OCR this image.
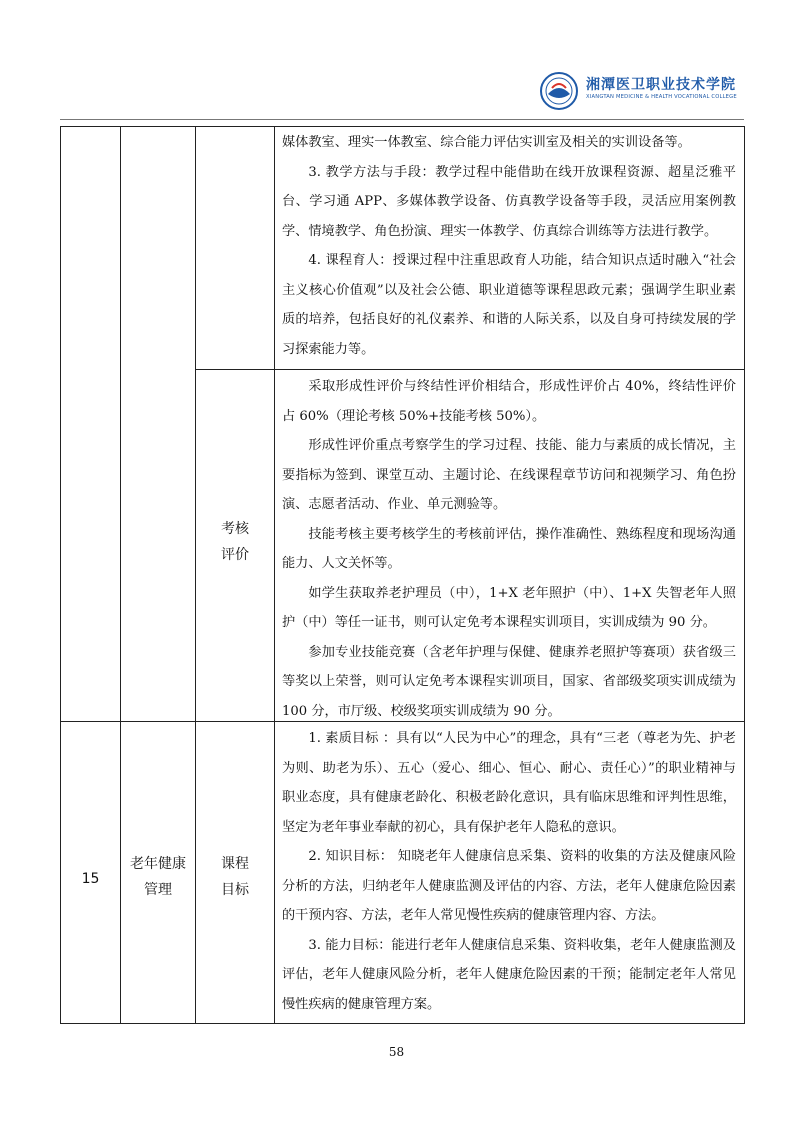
湘潭医卫职业技术学院
XIANGTAN MEDICINE & HEALTH VOCATIONAL COLLEGE

媒体教室、理实一体教室、综合能力评估实训室及相关的实训设备等。

3. 教学方法与手段：教学过程中能借助在线开放课程资源、超星泛雅平台、学习通 APP、多媒体教学设备、仿真教学设备等手段，灵活应用案例教学、情境教学、角色扮演、理实一体教学、仿真综合训练等方法进行教学。

4. 课程育人：授课过程中注重思政育人功能，结合知识点适时融入“社会主义核心价值观”以及社会公德、职业道德等课程思政元素；强调学生职业素质的培养，包括良好的礼仪素养、和谐的人际关系，以及自身可持续发展的学习探索能力等。

考核
评价

采取形成性评价与终结性评价相结合，形成性评价占 40%，终结性评价占 60%（理论考核 50%+技能考核 50%）。

形成性评价重点考察学生的学习过程、技能、能力与素质的成长情况，主要指标为签到、课堂互动、主题讨论、在线课程章节访问和视频学习、角色扮演、志愿者活动、作业、单元测验等。

技能考核主要考核学生的考核前评估，操作准确性、熟练程度和现场沟通能力、人文关怀等。

如学生获取养老护理员（中），1+X 老年照护（中）、1+X 失智老年人照护（中）等任一证书，则可认定免考本课程实训项目，实训成绩为 90 分。

参加专业技能竞赛（含老年护理与保健、健康养老照护等赛项）获省级三等奖以上荣誉，则可认定免考本课程实训项目，国家、省部级奖项实训成绩为 100 分，市厅级、校级奖项实训成绩为 90 分。

15
老年健康
管理
课程
目标

1. 素质目标 ：具有以“人民为中心”的理念，具有“三老（尊老为先、护老为则、助老为乐）、五心（爱心、细心、恒心、耐心、责任心）”的职业精神与职业态度，具有健康老龄化、积极老龄化意识，具有临床思维和评判性思维，坚定为老年事业奉献的初心，具有保护老年人隐私的意识。

2. 知识目标： 知晓老年人健康信息采集、资料的收集的方法及健康风险分析的方法，归纳老年人健康监测及评估的内容、方法，老年人健康危险因素的干预内容、方法，老年人常见慢性疾病的健康管理内容、方法。

3. 能力目标：能进行老年人健康信息采集、资料收集，老年人健康监测及评估，老年人健康风险分析，老年人健康危险因素的干预；能制定老年人常见慢性疾病的健康管理方案。

58
